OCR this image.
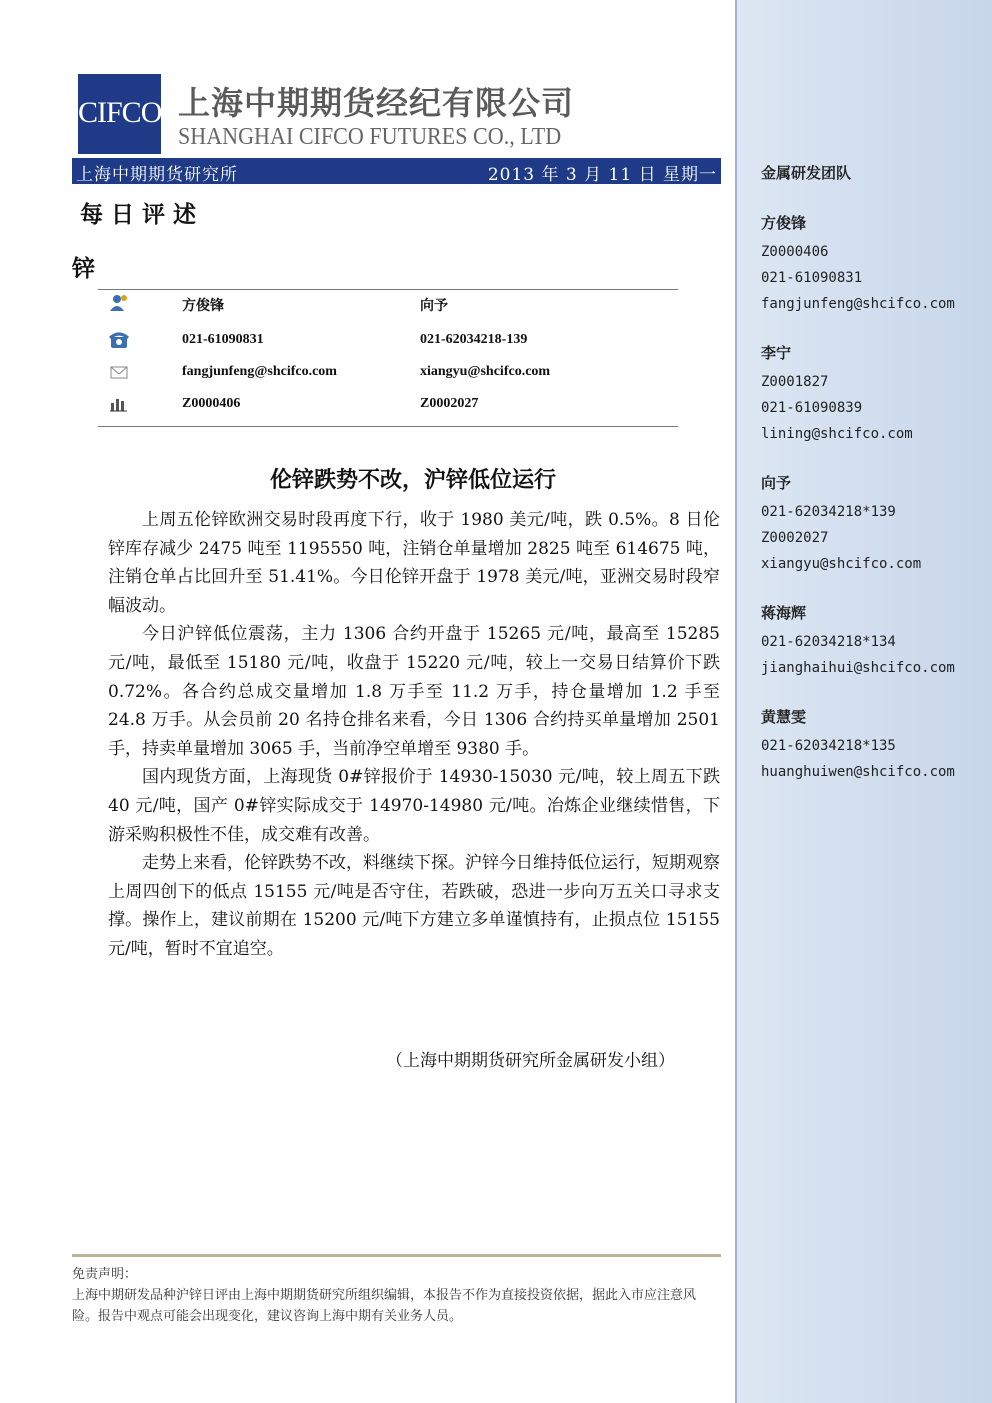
金属研发团队
方俊锋
Z0000406
021-61090831
fangjunfeng@shcifco.com
李宁
Z0001827
021-61090839
lining@shcifco.com
向予
021-62034218*139
Z0002027
xiangyu@shcifco.com
蒋海辉
021-62034218*134
jianghaihui@shcifco.com
黄慧雯
021-62034218*135
huanghuiwen@shcifco.com
CIFCO 上海中期期货经纪有限公司
SHANGHAI CIFCO FUTURES CO., LTD
上海中期期货研究所	2013 年 3 月 11 日 星期一
每日评述
锌
方俊锋	向予
021-61090831	021-62034218-139
fangjunfeng@shcifco.com	xiangyu@shcifco.com
Z0000406	Z0002027
伦锌跌势不改，沪锌低位运行

上周五伦锌欧洲交易时段再度下行，收于 1980 美元/吨，跌 0.5%。8 日伦锌库存减少 2475 吨至 1195550 吨，注销仓单量增加 2825 吨至 614675 吨，注销仓单占比回升至 51.41%。今日伦锌开盘于 1978 美元/吨，亚洲交易时段窄幅波动。

今日沪锌低位震荡，主力 1306 合约开盘于 15265 元/吨，最高至 15285 元/吨，最低至 15180 元/吨，收盘于 15220 元/吨，较上一交易日结算价下跌 0.72%。各合约总成交量增加 1.8 万手至 11.2 万手，持仓量增加 1.2 手至 24.8 万手。从会员前 20 名持仓排名来看，今日 1306 合约持买单量增加 2501 手，持卖单量增加 3065 手，当前净空单增至 9380 手。

国内现货方面，上海现货 0#锌报价于 14930-15030 元/吨，较上周五下跌 40 元/吨，国产 0#锌实际成交于 14970-14980 元/吨。冶炼企业继续惜售，下游采购积极性不佳，成交难有改善。

走势上来看，伦锌跌势不改，料继续下探。沪锌今日维持低位运行，短期观察上周四创下的低点 15155 元/吨是否守住，若跌破，恐进一步向万五关口寻求支撑。操作上，建议前期在 15200 元/吨下方建立多单谨慎持有，止损点位 15155 元/吨，暂时不宜追空。

（上海中期期货研究所金属研发小组）
免责声明：
上海中期研发品种沪锌日评由上海中期期货研究所组织编辑，本报告不作为直接投资依据，据此入市应注意风险。报告中观点可能会出现变化，建议咨询上海中期有关业务人员。
